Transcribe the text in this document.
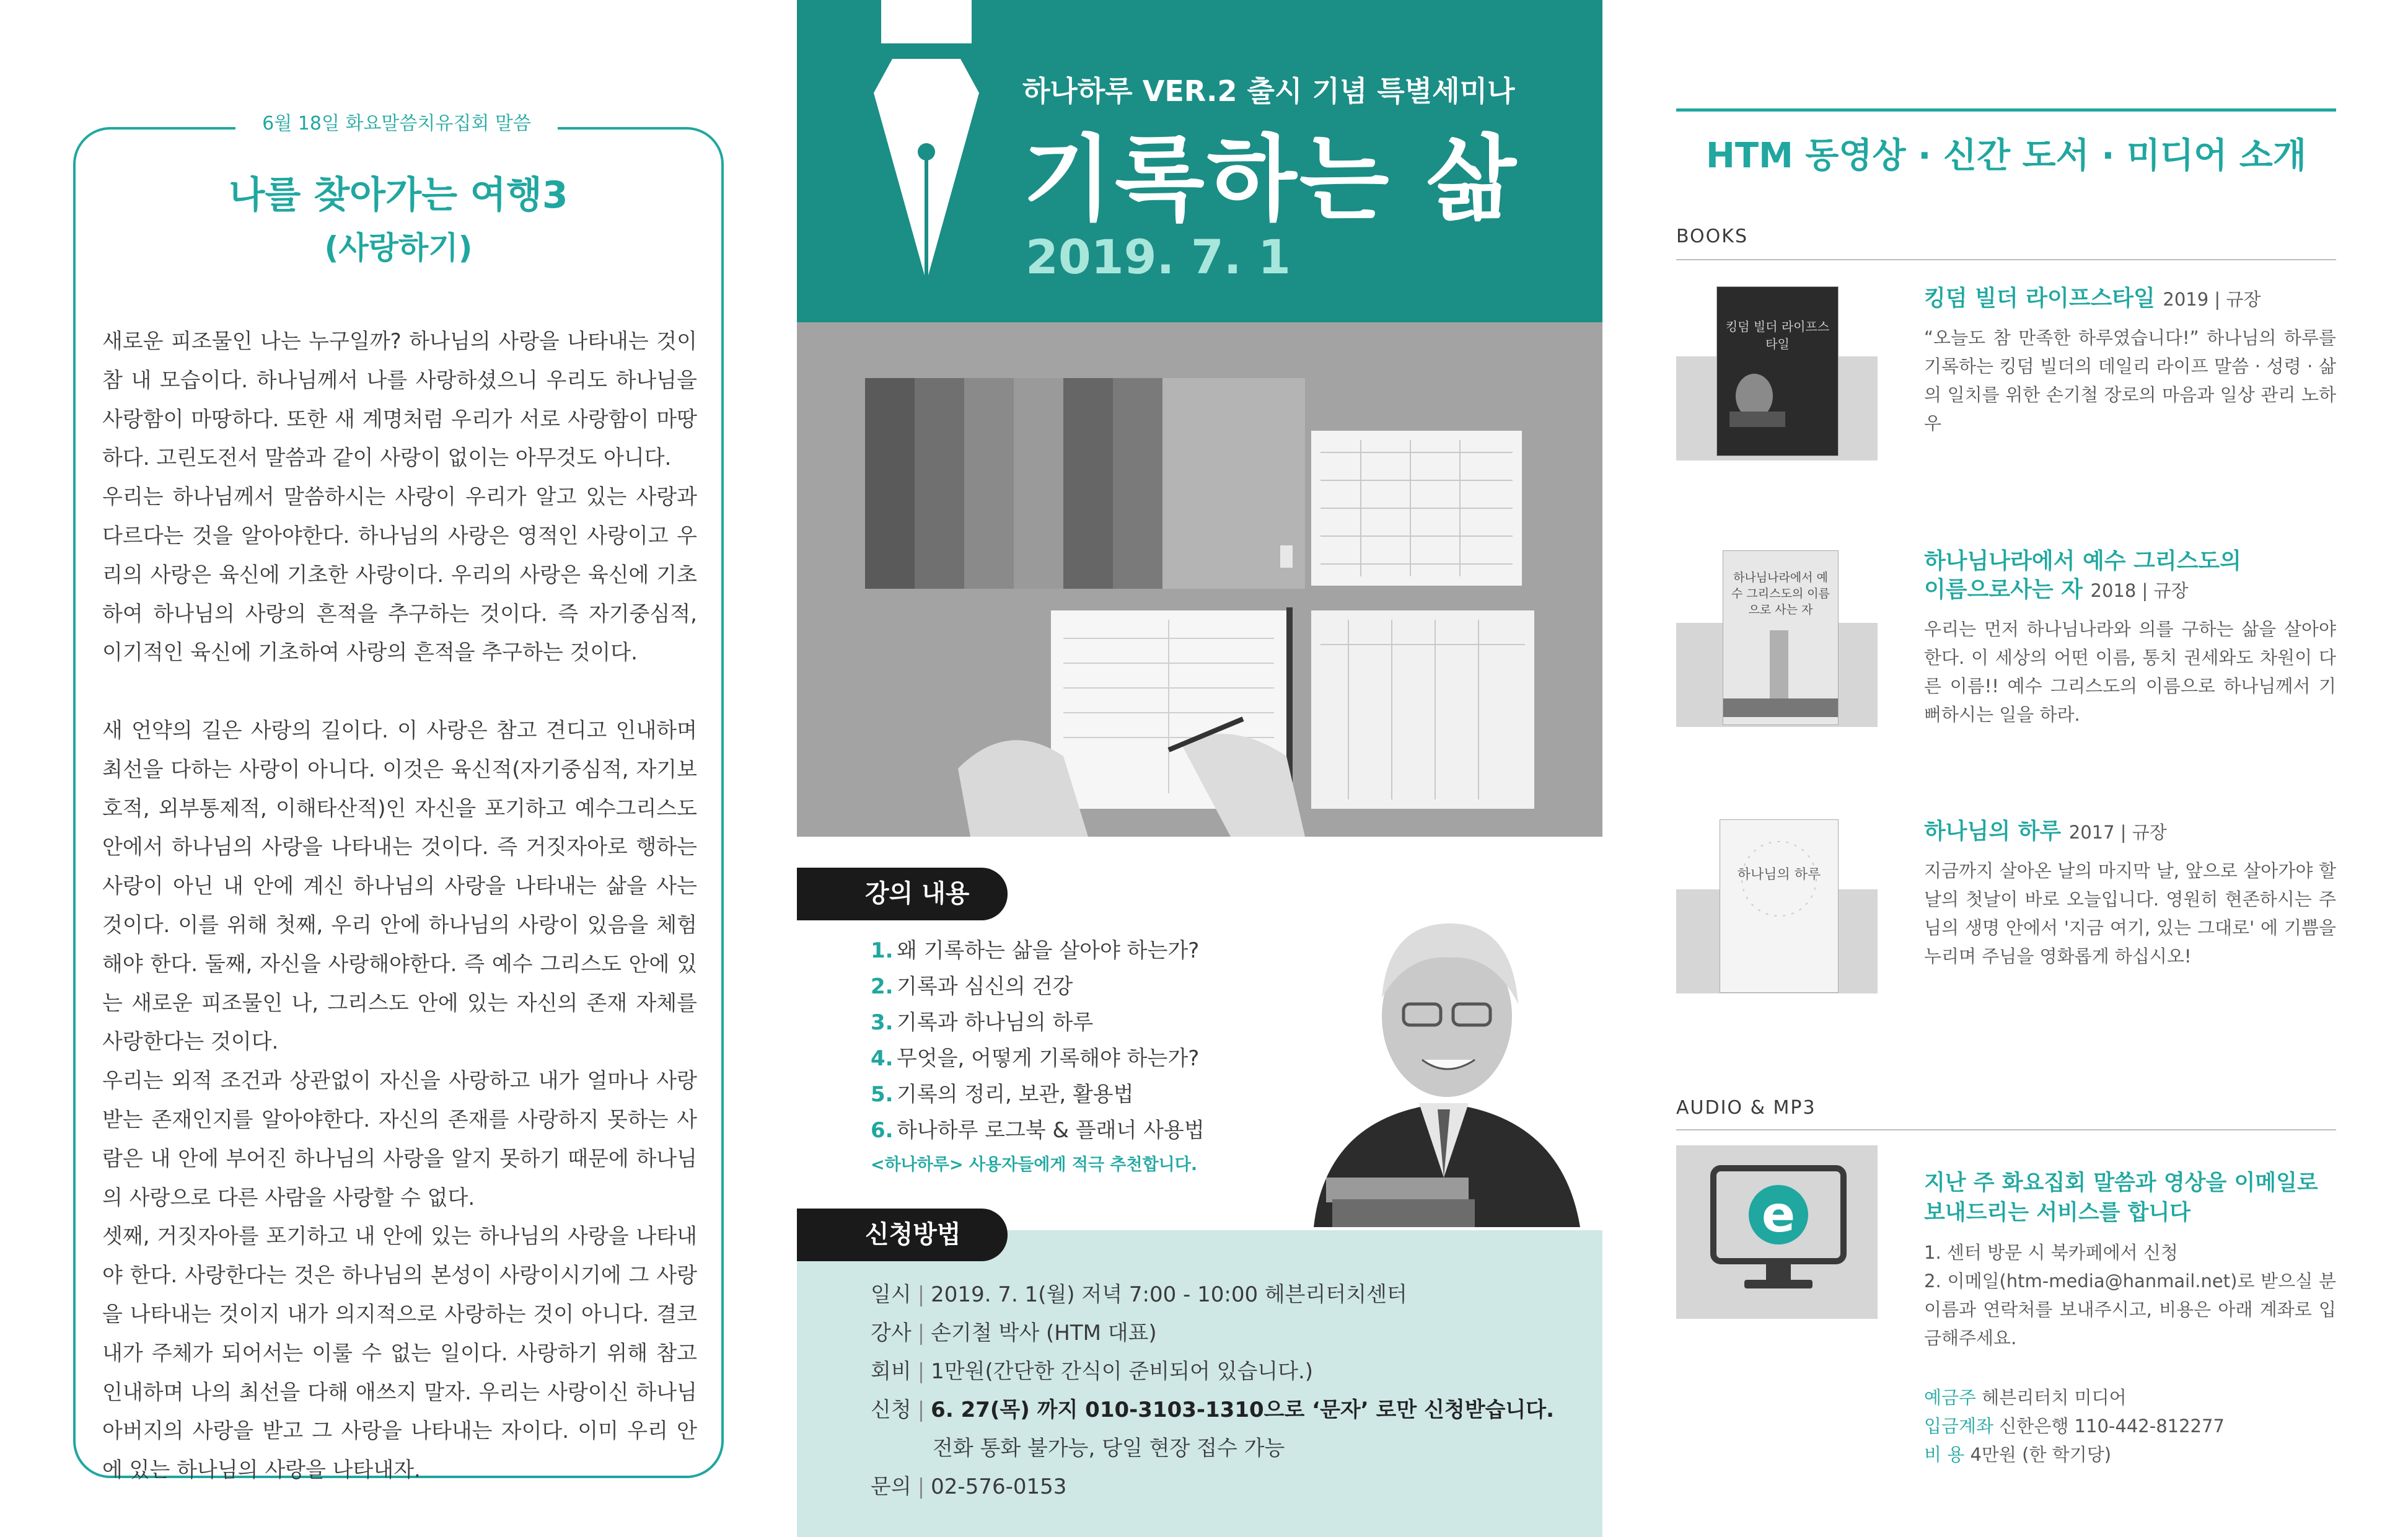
6월 18일 화요말씀치유집회 말씀
나를 찾아가는 여행3
(사랑하기)

새로운 피조물인 나는 누구일까? 하나님의 사랑을 나타내는 것이 참 내 모습이다. 하나님께서 나를 사랑하셨으니 우리도 하나님을 사랑함이 마땅하다. 또한 새 계명처럼 우리가 서로 사랑함이 마땅하다. 고린도전서 말씀과 같이 사랑이 없이는 아무것도 아니다.

우리는 하나님께서 말씀하시는 사랑이 우리가 알고 있는 사랑과 다르다는 것을 알아야한다. 하나님의 사랑은 영적인 사랑이고 우리의 사랑은 육신에 기초한 사랑이다. 우리의 사랑은 육신에 기초하여 하나님의 사랑의 흔적을 추구하는 것이다. 즉 자기중심적, 이기적인 육신에 기초하여 사랑의 흔적을 추구하는 것이다.

새 언약의 길은 사랑의 길이다. 이 사랑은 참고 견디고 인내하며 최선을 다하는 사랑이 아니다. 이것은 육신적(자기중심적, 자기보호적, 외부통제적, 이해타산적)인 자신을 포기하고 예수그리스도 안에서 하나님의 사랑을 나타내는 것이다. 즉 거짓자아로 행하는 사랑이 아닌 내 안에 계신 하나님의 사랑을 나타내는 삶을 사는 것이다. 이를 위해 첫째, 우리 안에 하나님의 사랑이 있음을 체험해야 한다. 둘째, 자신을 사랑해야한다. 즉 예수 그리스도 안에 있는 새로운 피조물인 나, 그리스도 안에 있는 자신의 존재 자체를 사랑한다는 것이다.

우리는 외적 조건과 상관없이 자신을 사랑하고 내가 얼마나 사랑받는 존재인지를 알아야한다. 자신의 존재를 사랑하지 못하는 사람은 내 안에 부어진 하나님의 사랑을 알지 못하기 때문에 하나님의 사랑으로 다른 사람을 사랑할 수 없다.

셋째, 거짓자아를 포기하고 내 안에 있는 하나님의 사랑을 나타내야 한다. 사랑한다는 것은 하나님의 본성이 사랑이시기에 그 사랑을 나타내는 것이지 내가 의지적으로 사랑하는 것이 아니다. 결코 내가 주체가 되어서는 이룰 수 없는 일이다. 사랑하기 위해 참고 인내하며 나의 최선을 다해 애쓰지 말자. 우리는 사랑이신 하나님 아버지의 사랑을 받고 그 사랑을 나타내는 자이다. 이미 우리 안에 있는 하나님의 사랑을 나타내자.

하나하루 VER.2 출시 기념 특별세미나
기록하는 삶
2019. 7. 1
강의 내용
1. 왜 기록하는 삶을 살아야 하는가?
2. 기록과 심신의 건강
3. 기록과 하나님의 하루
4. 무엇을, 어떻게 기록해야 하는가?
5. 기록의 정리, 보관, 활용법
6. 하나하루 로그북 & 플래너 사용법
<하나하루> 사용자들에게 적극 추천합니다.
신청방법
일시 | 2019. 7. 1(월) 저녁 7:00 - 10:00 헤븐리터치센터
강사 | 손기철 박사 (HTM 대표)
회비 | 1만원(간단한 간식이 준비되어 있습니다.)
신청 | 6. 27(목) 까지 010-3103-1310으로 ‘문자’ 로만 신청받습니다.
전화 통화 불가능, 당일 현장 접수 가능
문의 | 02-576-0153
HTM 동영상 · 신간 도서 · 미디어 소개
BOOKS
킹덤 빌더 라이프스타일
킹덤 빌더 라이프스타일 2019 | 규장
“오늘도 참 만족한 하루였습니다!” 하나님의 하루를 기록하는 킹덤 빌더의 데일리 라이프 말씀 · 성령 · 삶의 일치를 위한 손기철 장로의 마음과 일상 관리 노하우
하나님나라에서 예수 그리스도의 이름으로 사는 자
하나님나라에서 예수 그리스도의
이름으로사는 자 2018 | 규장
우리는 먼저 하나님나라와 의를 구하는 삶을 살아야 한다. 이 세상의 어떤 이름, 통치 권세와도 차원이 다른 이름!! 예수 그리스도의 이름으로 하나님께서 기뻐하시는 일을 하라.
하나님의 하루
하나님의 하루 2017 | 규장
지금까지 살아온 날의 마지막 날, 앞으로 살아가야 할 날의 첫날이 바로 오늘입니다. 영원히 현존하시는 주님의 생명 안에서 '지금 여기, 있는 그대로' 에 기쁨을 누리며 주님을 영화롭게 하십시오!
AUDIO & MP3
e
지난 주 화요집회 말씀과 영상을 이메일로 보내드리는 서비스를 합니다
1. 센터 방문 시 북카페에서 신청
2. 이메일(htm-media@hanmail.net)로 받으실 분 이름과 연락처를 보내주시고, 비용은 아래 계좌로 입금해주세요.
예금주 헤븐리터치 미디어
입금계좌 신한은행 110-442-812277
비 용 4만원 (한 학기당)
